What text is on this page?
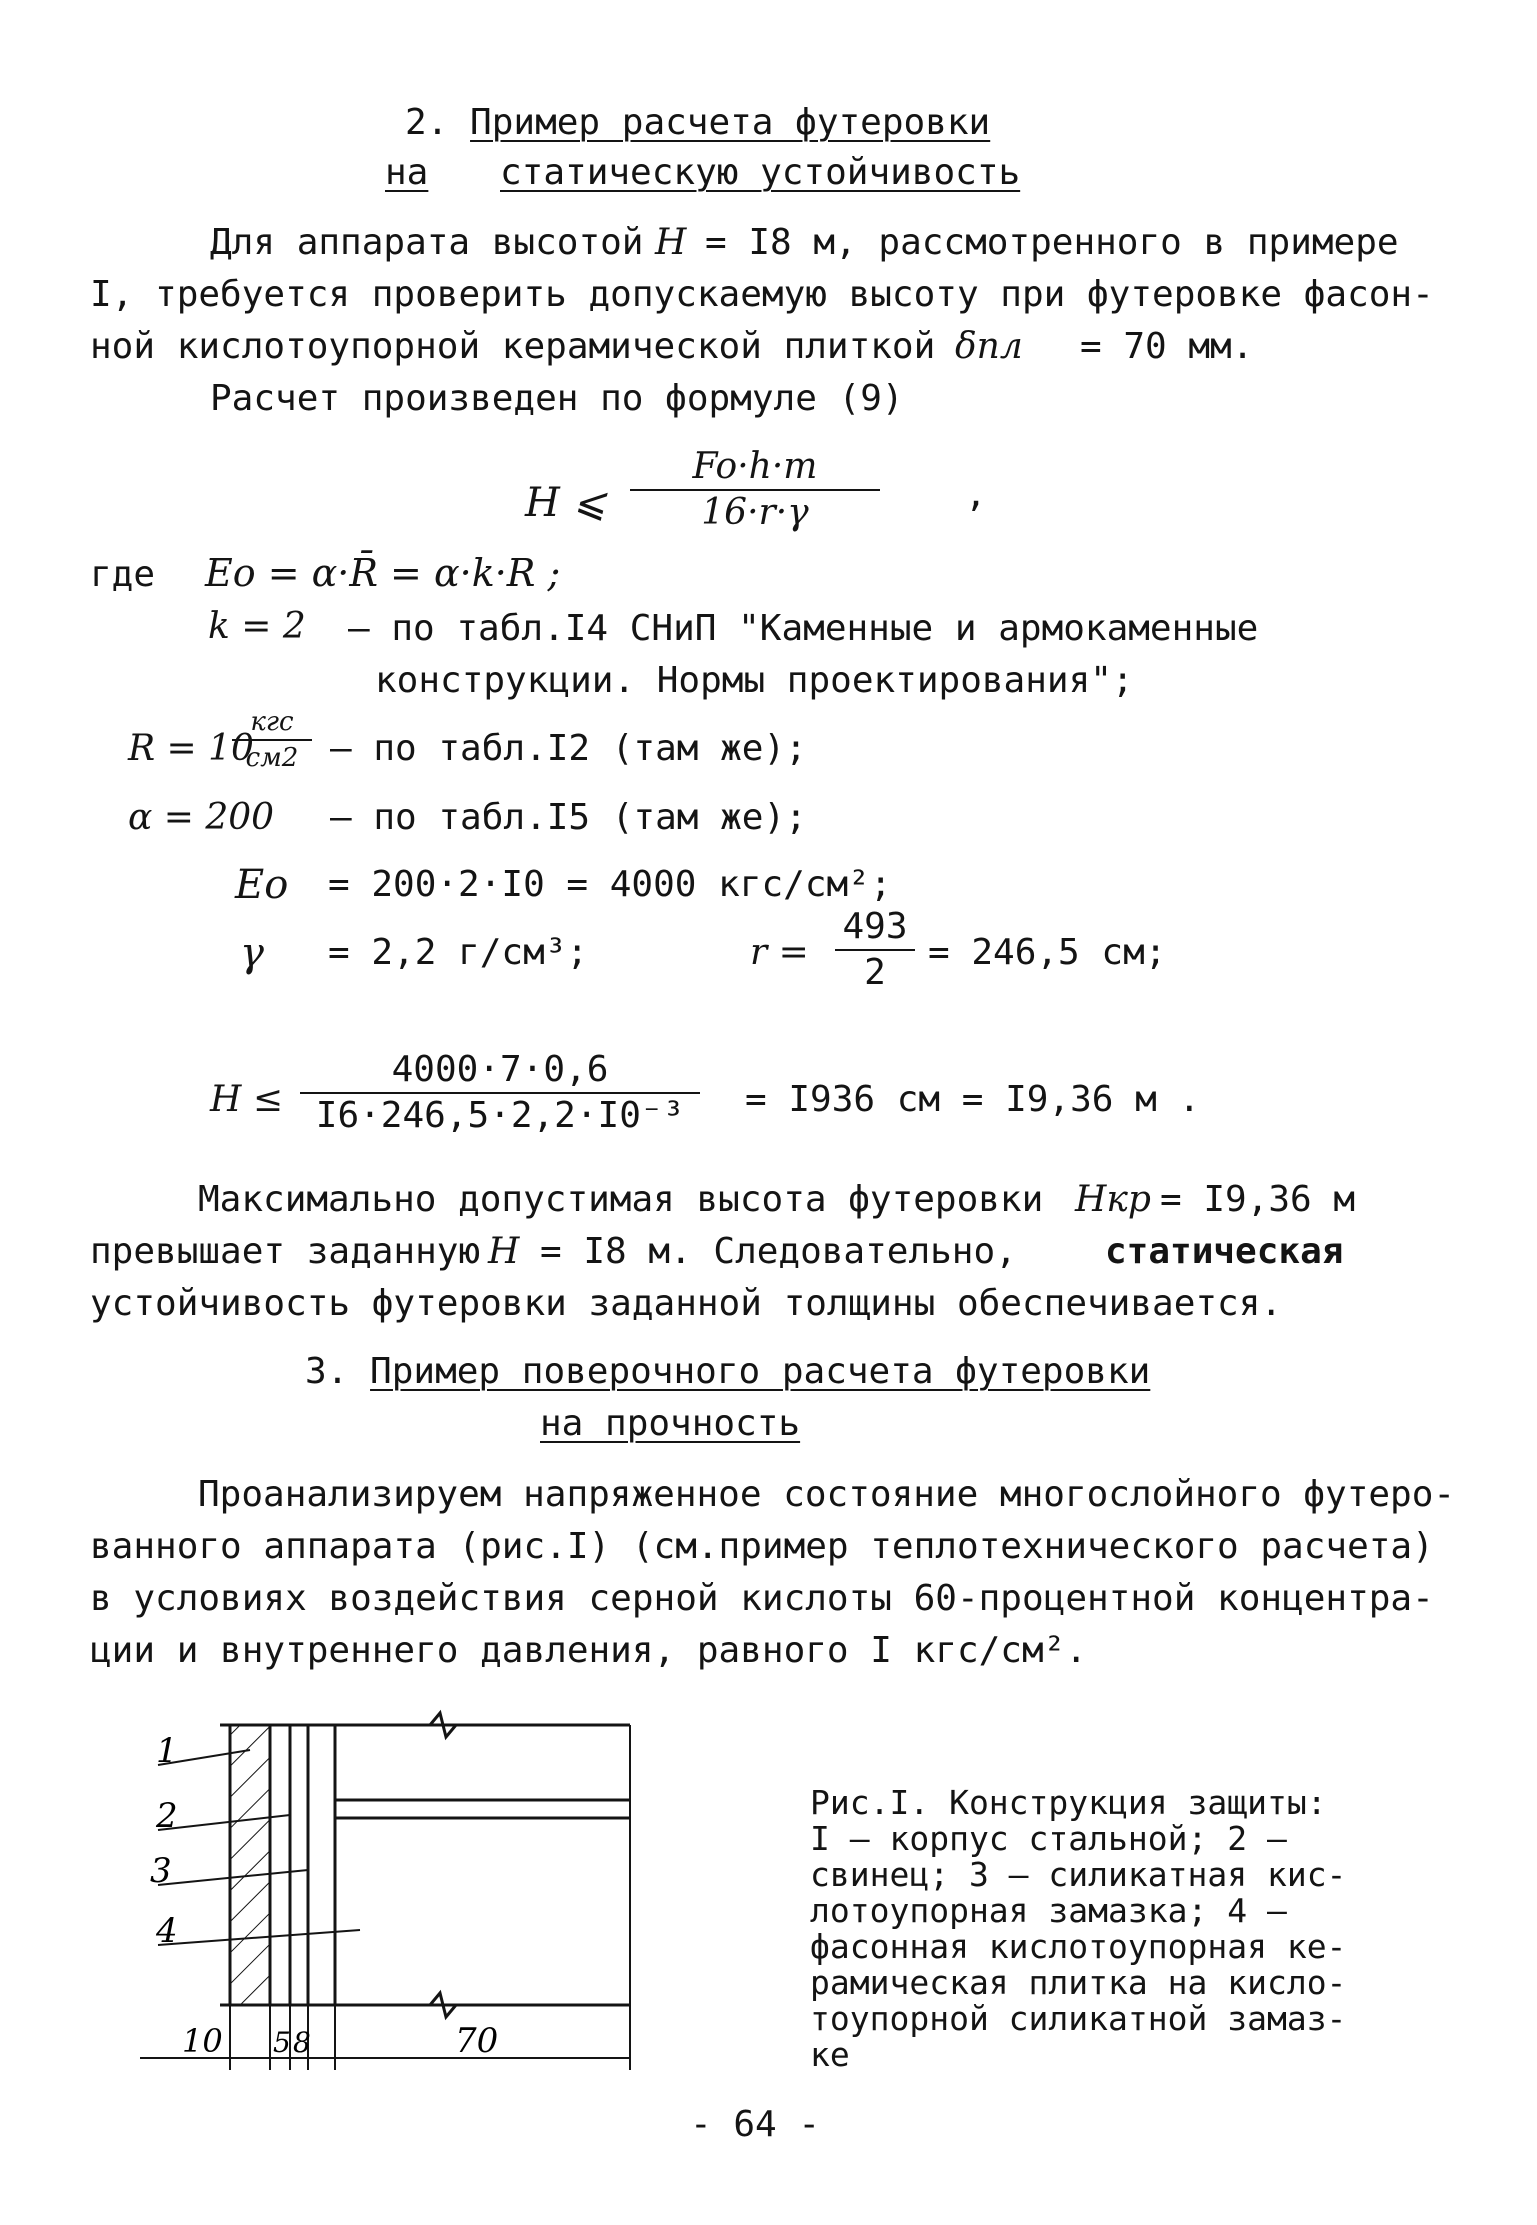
2. Пример расчета футеровки
на статическую устойчивость
Для аппарата высотой H = I8 м, рассмотренного в примере
I, требуется проверить допускаемую высоту при футеровке фасон-
ной кислотоупорной керамической плиткой δпл = 70 мм.
Расчет произведен по формуле (9)
H ⩽ $\frac{Fo\cdot h\cdot m}{16\cdot r\cdot\gamma}$ ,
где Eo = α·R̄ = α·k·R ;
k = 2 – по табл.I4 СНиП "Каменные и армокаменные
конструкции. Нормы проектирования";
R = 10
кгс
см2 – по табл.I2 (там же);
α = 200 – по табл.I5 (там же);
Eo = 200·2·I0 = 4000 кгс/см²;
γ = 2,2 г/см³;	$r = \frac{493}{2} = 246,5$ см;
$H \le \frac{4000\cdot 7\cdot 0,6}{\text{I6·246,5·2,2·I0⁻³}} = I936$ см = I9,36 м .
Максимально допустимая высота футеровки Hкр = I9,36 м
превышает заданную H = I8 м. Следовательно, статическая
устойчивость футеровки заданной толщины обеспечивается.
3. Пример поверочного расчета футеровки
на прочность
Проанализируем напряженное состояние многослойного футеро-
ванного аппарата (рис.I) (см.пример теплотехнического расчета)
в условиях воздействия серной кислоты 60-процентной концентра-
ции и внутреннего давления, равного I кгс/см².
1
2
3
4
10 5 8	70
Рис.I. Конструкция защиты:
I – корпус стальной; 2 –
свинец; 3 – силикатная кис-
лотоупорная замазка; 4 –
фасонная кислотоупорная ке-
рамическая плитка на кисло-
тоупорной силикатной замаз-
ке
- 64 -
